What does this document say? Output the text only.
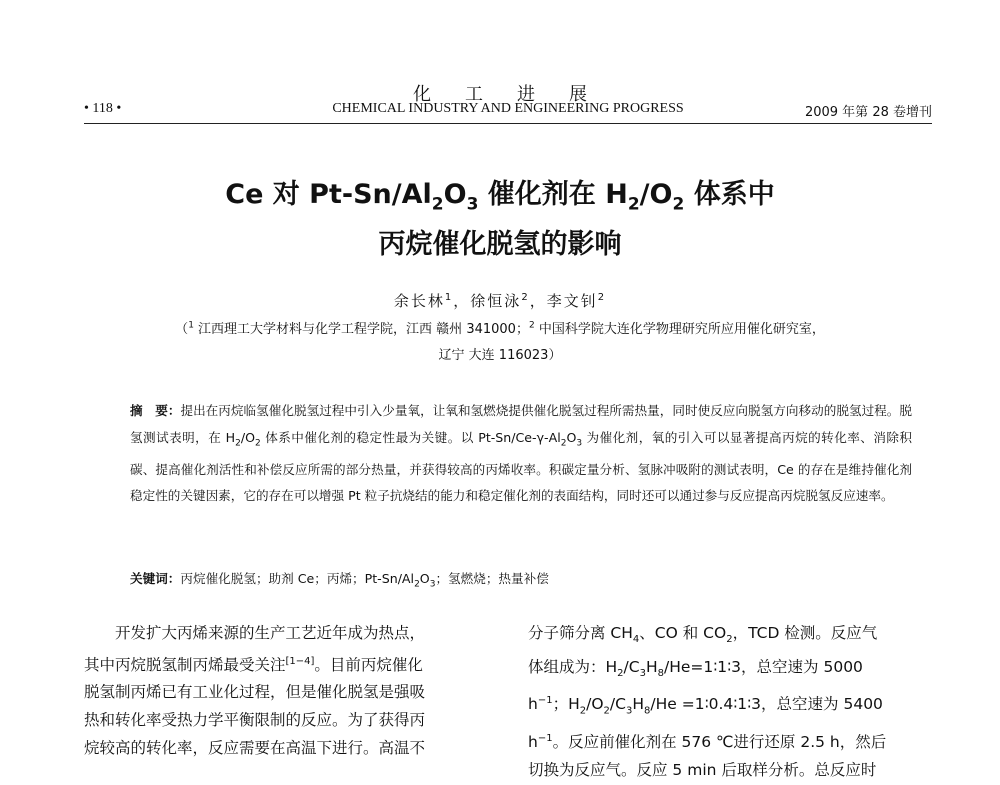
化工进展
• 118 •	CHEMICAL INDUSTRY AND ENGINEERING PROGRESS	2009 年第 28 卷增刊
Ce 对 $Pt-Sn/Al_2O_3$ 催化剂在 $H_2/O_2$ 体系中
丙烷催化脱氢的影响
余长林$^1$，徐恒泳$^2$，李文钊$^2$
（$^1$ 江西理工大学材料与化学工程学院，江西 赣州 341000；$^2$ 中国科学院大连化学物理研究所应用催化研究室，
辽宁 大连 116023）
摘　要：提出在丙烷临氢催化脱氢过程中引入少量氧，让氧和氢燃烧提供催化脱氢过程所需热量，同时使反应向脱氢方向移动的脱氢过程。脱氢测试表明，在 $H_2/O_2$ 体系中催化剂的稳定性最为关键。以 $Pt-Sn/Ce-\gamma-Al_2O_3$ 为催化剂，氧的引入可以显著提高丙烷的转化率、消除积碳、提高催化剂活性和补偿反应所需的部分热量，并获得较高的丙烯收率。积碳定量分析、氢脉冲吸附的测试表明，Ce 的存在是维持催化剂稳定性的关键因素，它的存在可以增强 Pt 粒子抗烧结的能力和稳定催化剂的表面结构，同时还可以通过参与反应提高丙烷脱氢反应速率。
关键词：丙烷催化脱氢；助剂 Ce；丙烯；$Pt-Sn/Al_2O_3$；氢燃烧；热量补偿
　　开发扩大丙烯来源的生产工艺近年成为热点，
其中丙烷脱氢制丙烯最受关注[1−4]。目前丙烷催化
脱氢制丙烯已有工业化过程，但是催化脱氢是强吸
热和转化率受热力学平衡限制的反应。为了获得丙
烷较高的转化率，反应需要在高温下进行。高温不
分子筛分离 $CH_4$、CO 和 $CO_2$，TCD 检测。反应气
体组成为：$H_2/C_3H_8/He=1∶1∶3$，总空速为 5000
$h^{-1}$；$H_2/O_2/C_3H_8/He$ =1∶0.4∶1∶3，总空速为 5400
$h^{-1}$。反应前催化剂在 576 ℃进行还原 2.5 h，然后
切换为反应气。反应 5 min 后取样分析。总反应时
